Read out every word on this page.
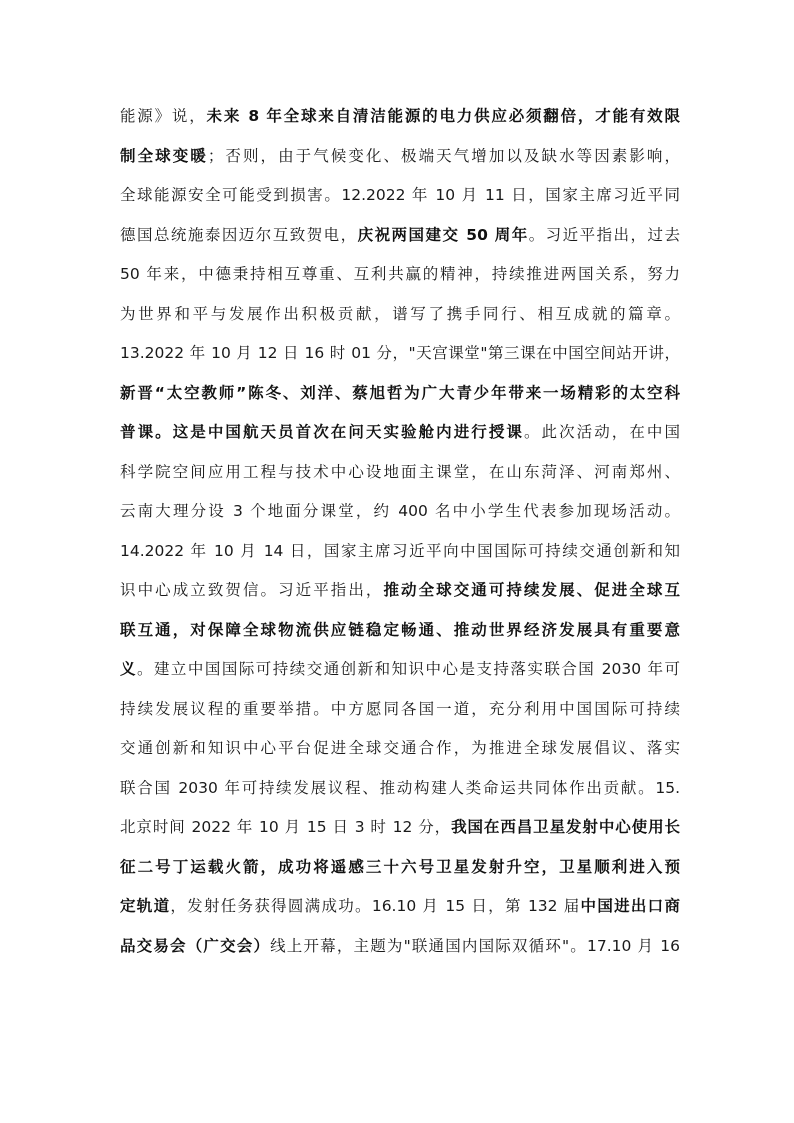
能源》说，未来 8 年全球来自清洁能源的电力供应必须翻倍，才能有效限
制全球变暖；否则，由于气候变化、极端天气增加以及缺水等因素影响，
全球能源安全可能受到损害。12.2022 年 10 月 11 日，国家主席习近平同
德国总统施泰因迈尔互致贺电，庆祝两国建交 50 周年。习近平指出，过去
50 年来，中德秉持相互尊重、互利共赢的精神，持续推进两国关系，努力
为世界和平与发展作出积极贡献，谱写了携手同行、相互成就的篇章。
13.2022 年 10 月 12 日 16 时 01 分，"天宫课堂"第三课在中国空间站开讲，
新晋“太空教师”陈冬、刘洋、蔡旭哲为广大青少年带来一场精彩的太空科
普课。这是中国航天员首次在问天实验舱内进行授课。此次活动，在中国
科学院空间应用工程与技术中心设地面主课堂，在山东菏泽、河南郑州、
云南大理分设 3 个地面分课堂，约 400 名中小学生代表参加现场活动。
14.2022 年 10 月 14 日，国家主席习近平向中国国际可持续交通创新和知
识中心成立致贺信。习近平指出，推动全球交通可持续发展、促进全球互
联互通，对保障全球物流供应链稳定畅通、推动世界经济发展具有重要意
义。建立中国国际可持续交通创新和知识中心是支持落实联合国 2030 年可
持续发展议程的重要举措。中方愿同各国一道，充分利用中国国际可持续
交通创新和知识中心平台促进全球交通合作，为推进全球发展倡议、落实
联合国 2030 年可持续发展议程、推动构建人类命运共同体作出贡献。15.
北京时间 2022 年 10 月 15 日 3 时 12 分，我国在西昌卫星发射中心使用长
征二号丁运载火箭，成功将遥感三十六号卫星发射升空，卫星顺利进入预
定轨道，发射任务获得圆满成功。16.10 月 15 日，第 132 届中国进出口商
品交易会（广交会）线上开幕，主题为"联通国内国际双循环"。17.10 月 16
